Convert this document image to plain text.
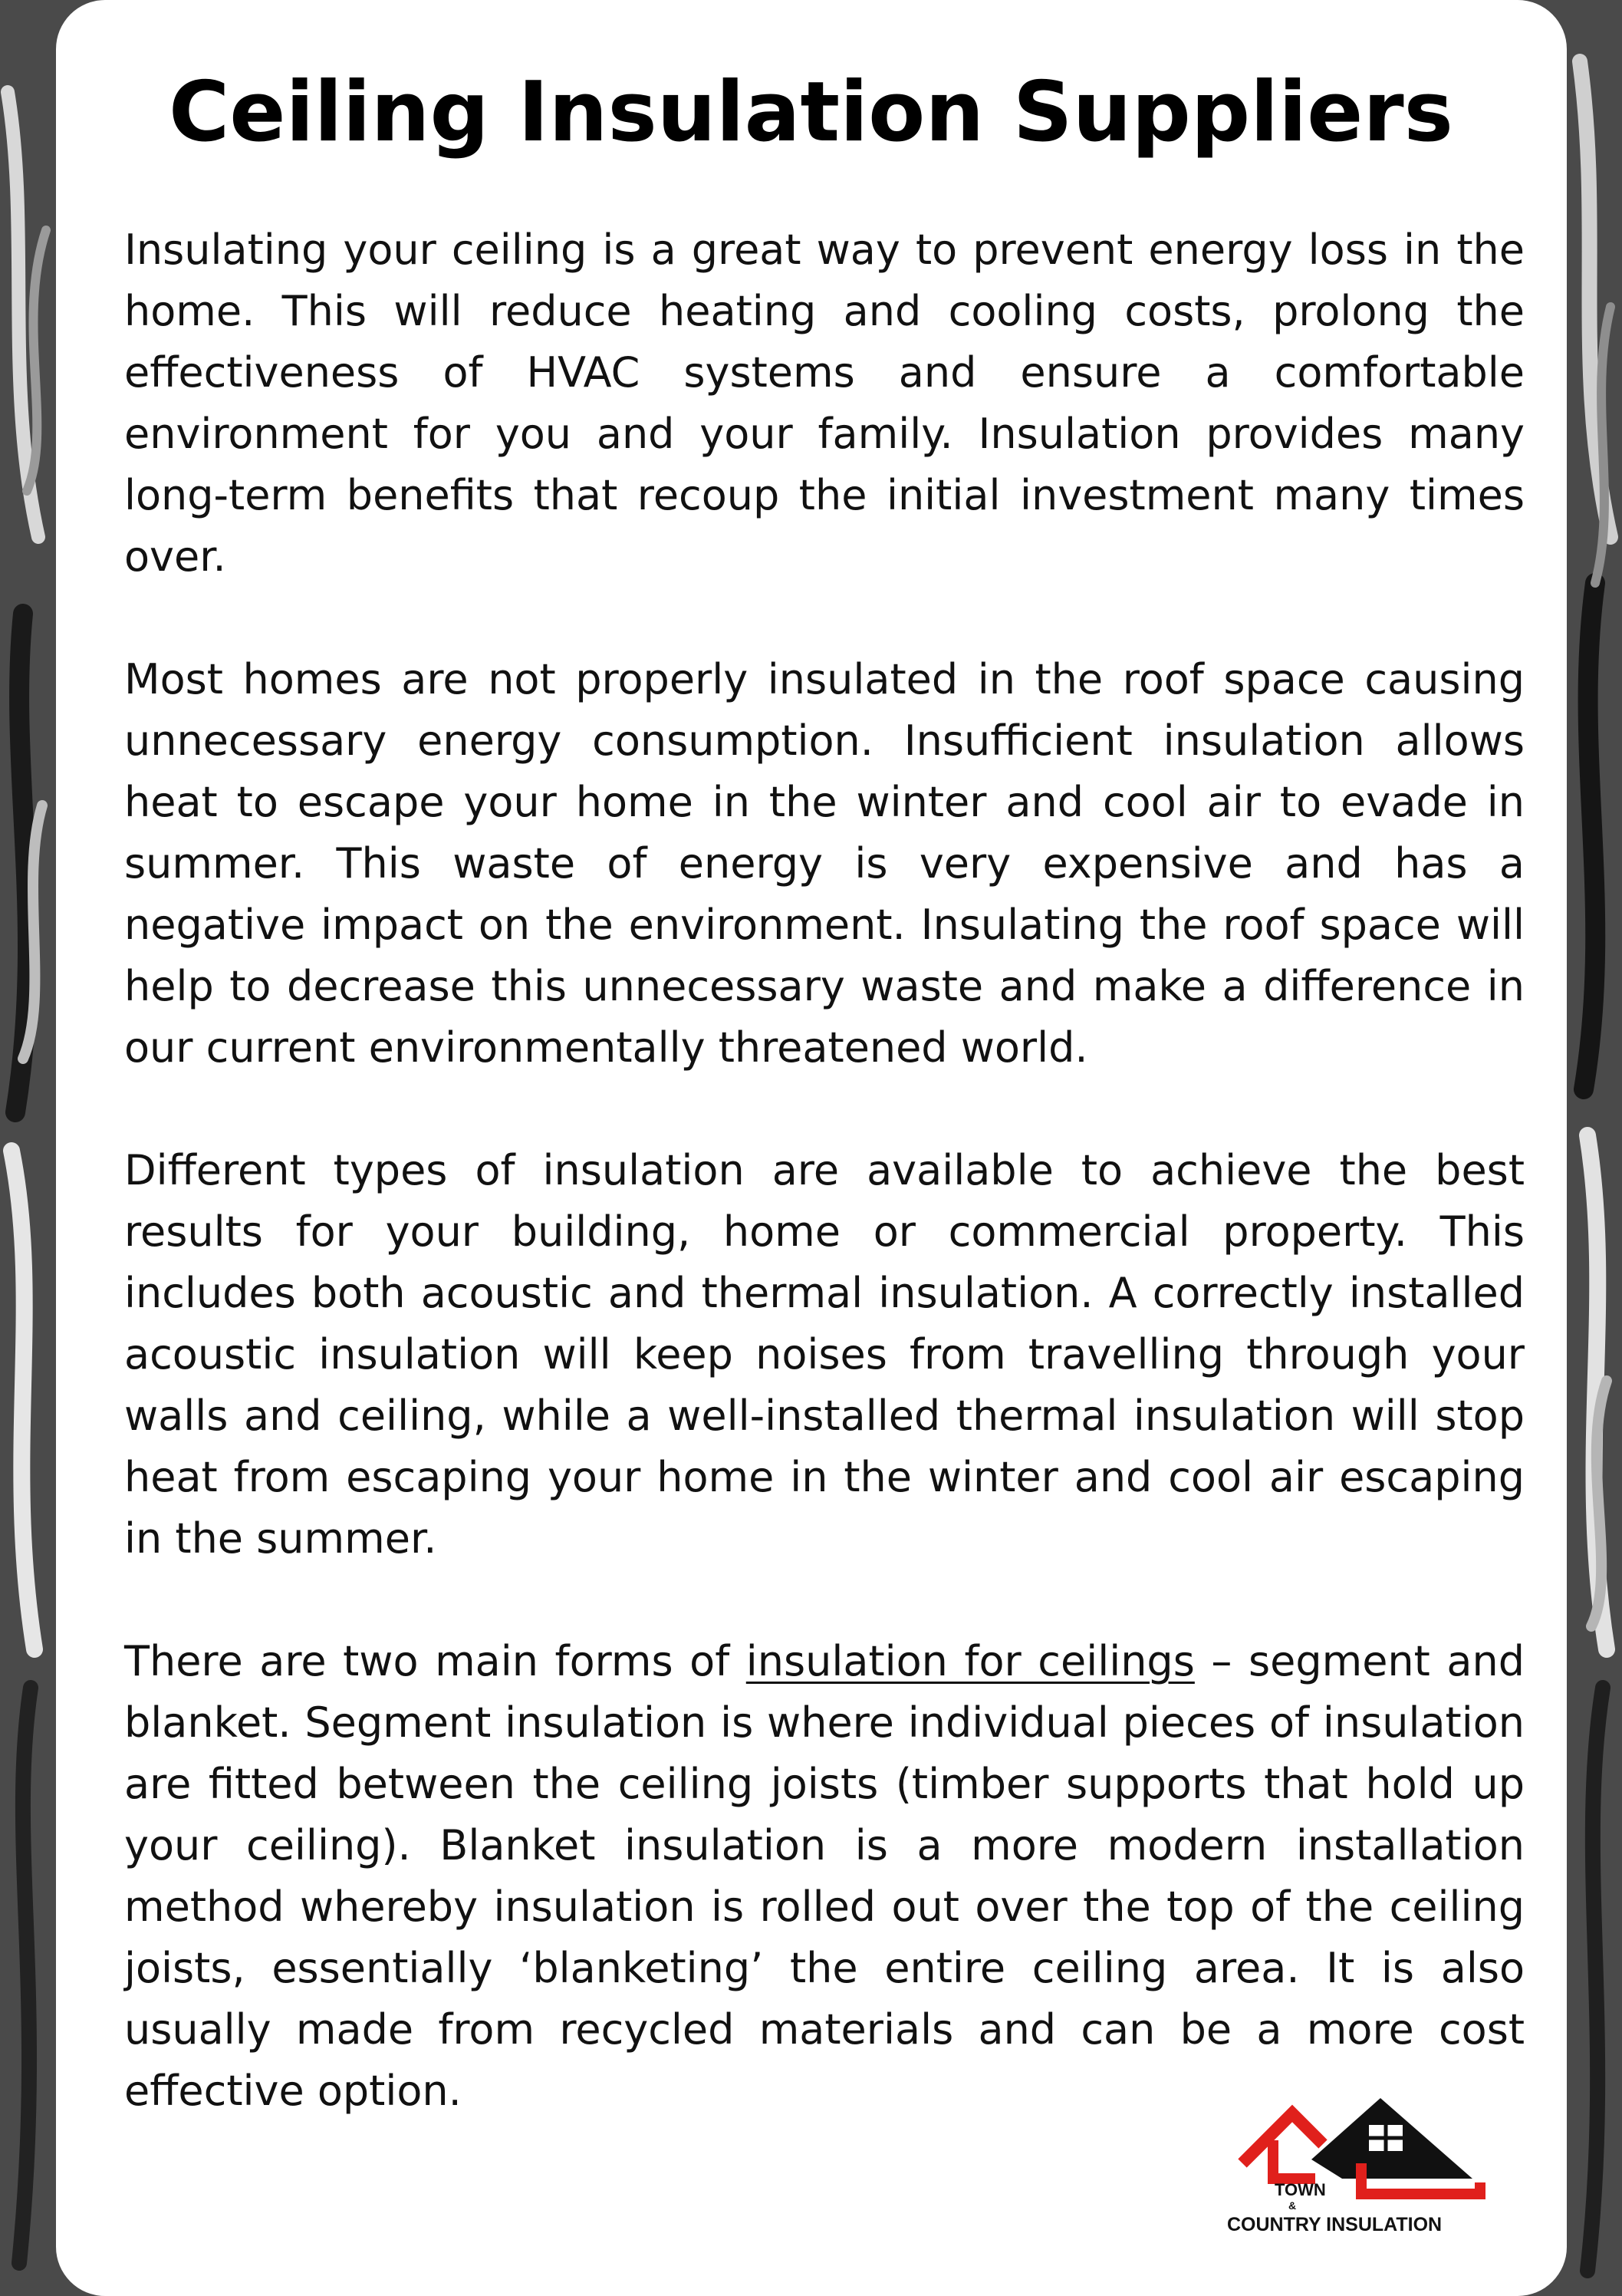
Ceiling Insulation Suppliers

Insulating your ceiling is a great way to prevent energy loss in the home. This will reduce heating and cooling costs, prolong the effectiveness of HVAC systems and ensure a comfortable environment for you and your family. Insulation provides many long-term benefits that recoup the initial investment many times over.

Most homes are not properly insulated in the roof space causing unnecessary energy consumption. Insufficient insulation allows heat to escape your home in the winter and cool air to evade in summer. This waste of energy is very expensive and has a negative impact on the environment. Insulating the roof space will help to decrease this unnecessary waste and make a difference in our current environmentally threatened world.

Different types of insulation are available to achieve the best results for your building, home or commercial property. This includes both acoustic and thermal insulation. A correctly installed acoustic insulation will keep noises from travelling through your walls and ceiling, while a well-installed thermal insulation will stop heat from escaping your home in the winter and cool air escaping in the summer.

There are two main forms of insulation for ceilings – segment and blanket. Segment insulation is where individual pieces of insulation are fitted between the ceiling joists (timber supports that hold up your ceiling). Blanket insulation is a more modern installation method whereby insulation is rolled out over the top of the ceiling joists, essentially ‘blanketing’ the entire ceiling area. It is also usually made from recycled materials and can be a more cost effective option.

TOWN
&
COUNTRY INSULATION
